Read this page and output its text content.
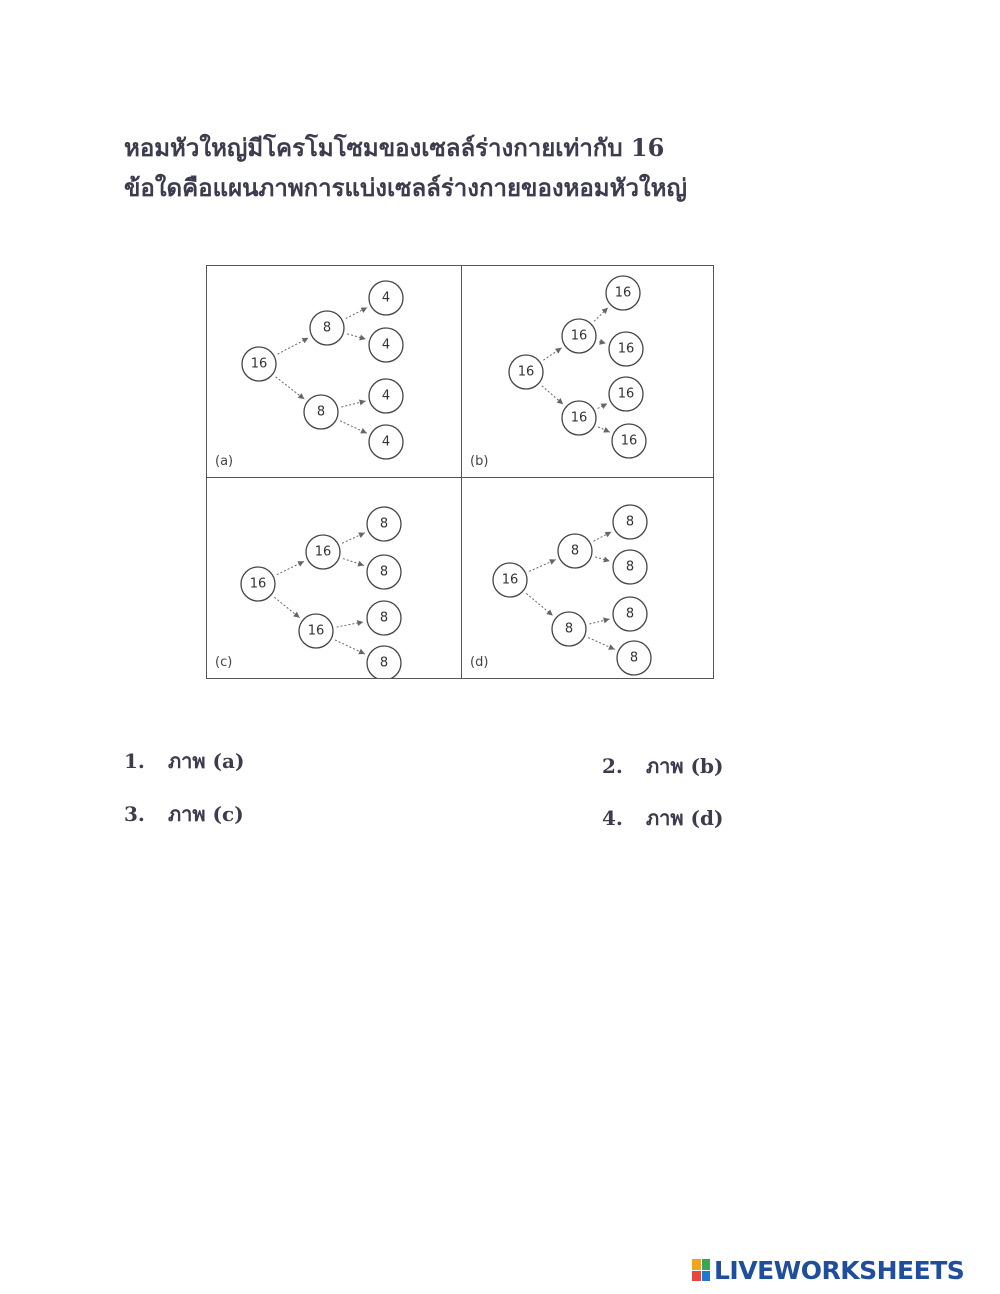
หอมหัวใหญ่มีโครโมโซมของเซลล์ร่างกายเท่ากับ 16
ข้อใดคือแผนภาพการแบ่งเซลล์ร่างกายของหอมหัวใหญ่
16
8
8
4
4
4
4
(a)
16
16
16
16
16
16
16
(b)
16
16
16
8
8
8
8
(c)
16
8
8
8
8
8
8
(d)
1. ภาพ (a)	2. ภาพ (b)
3. ภาพ (c)	4. ภาพ (d)
LIVEWORKSHEETS
